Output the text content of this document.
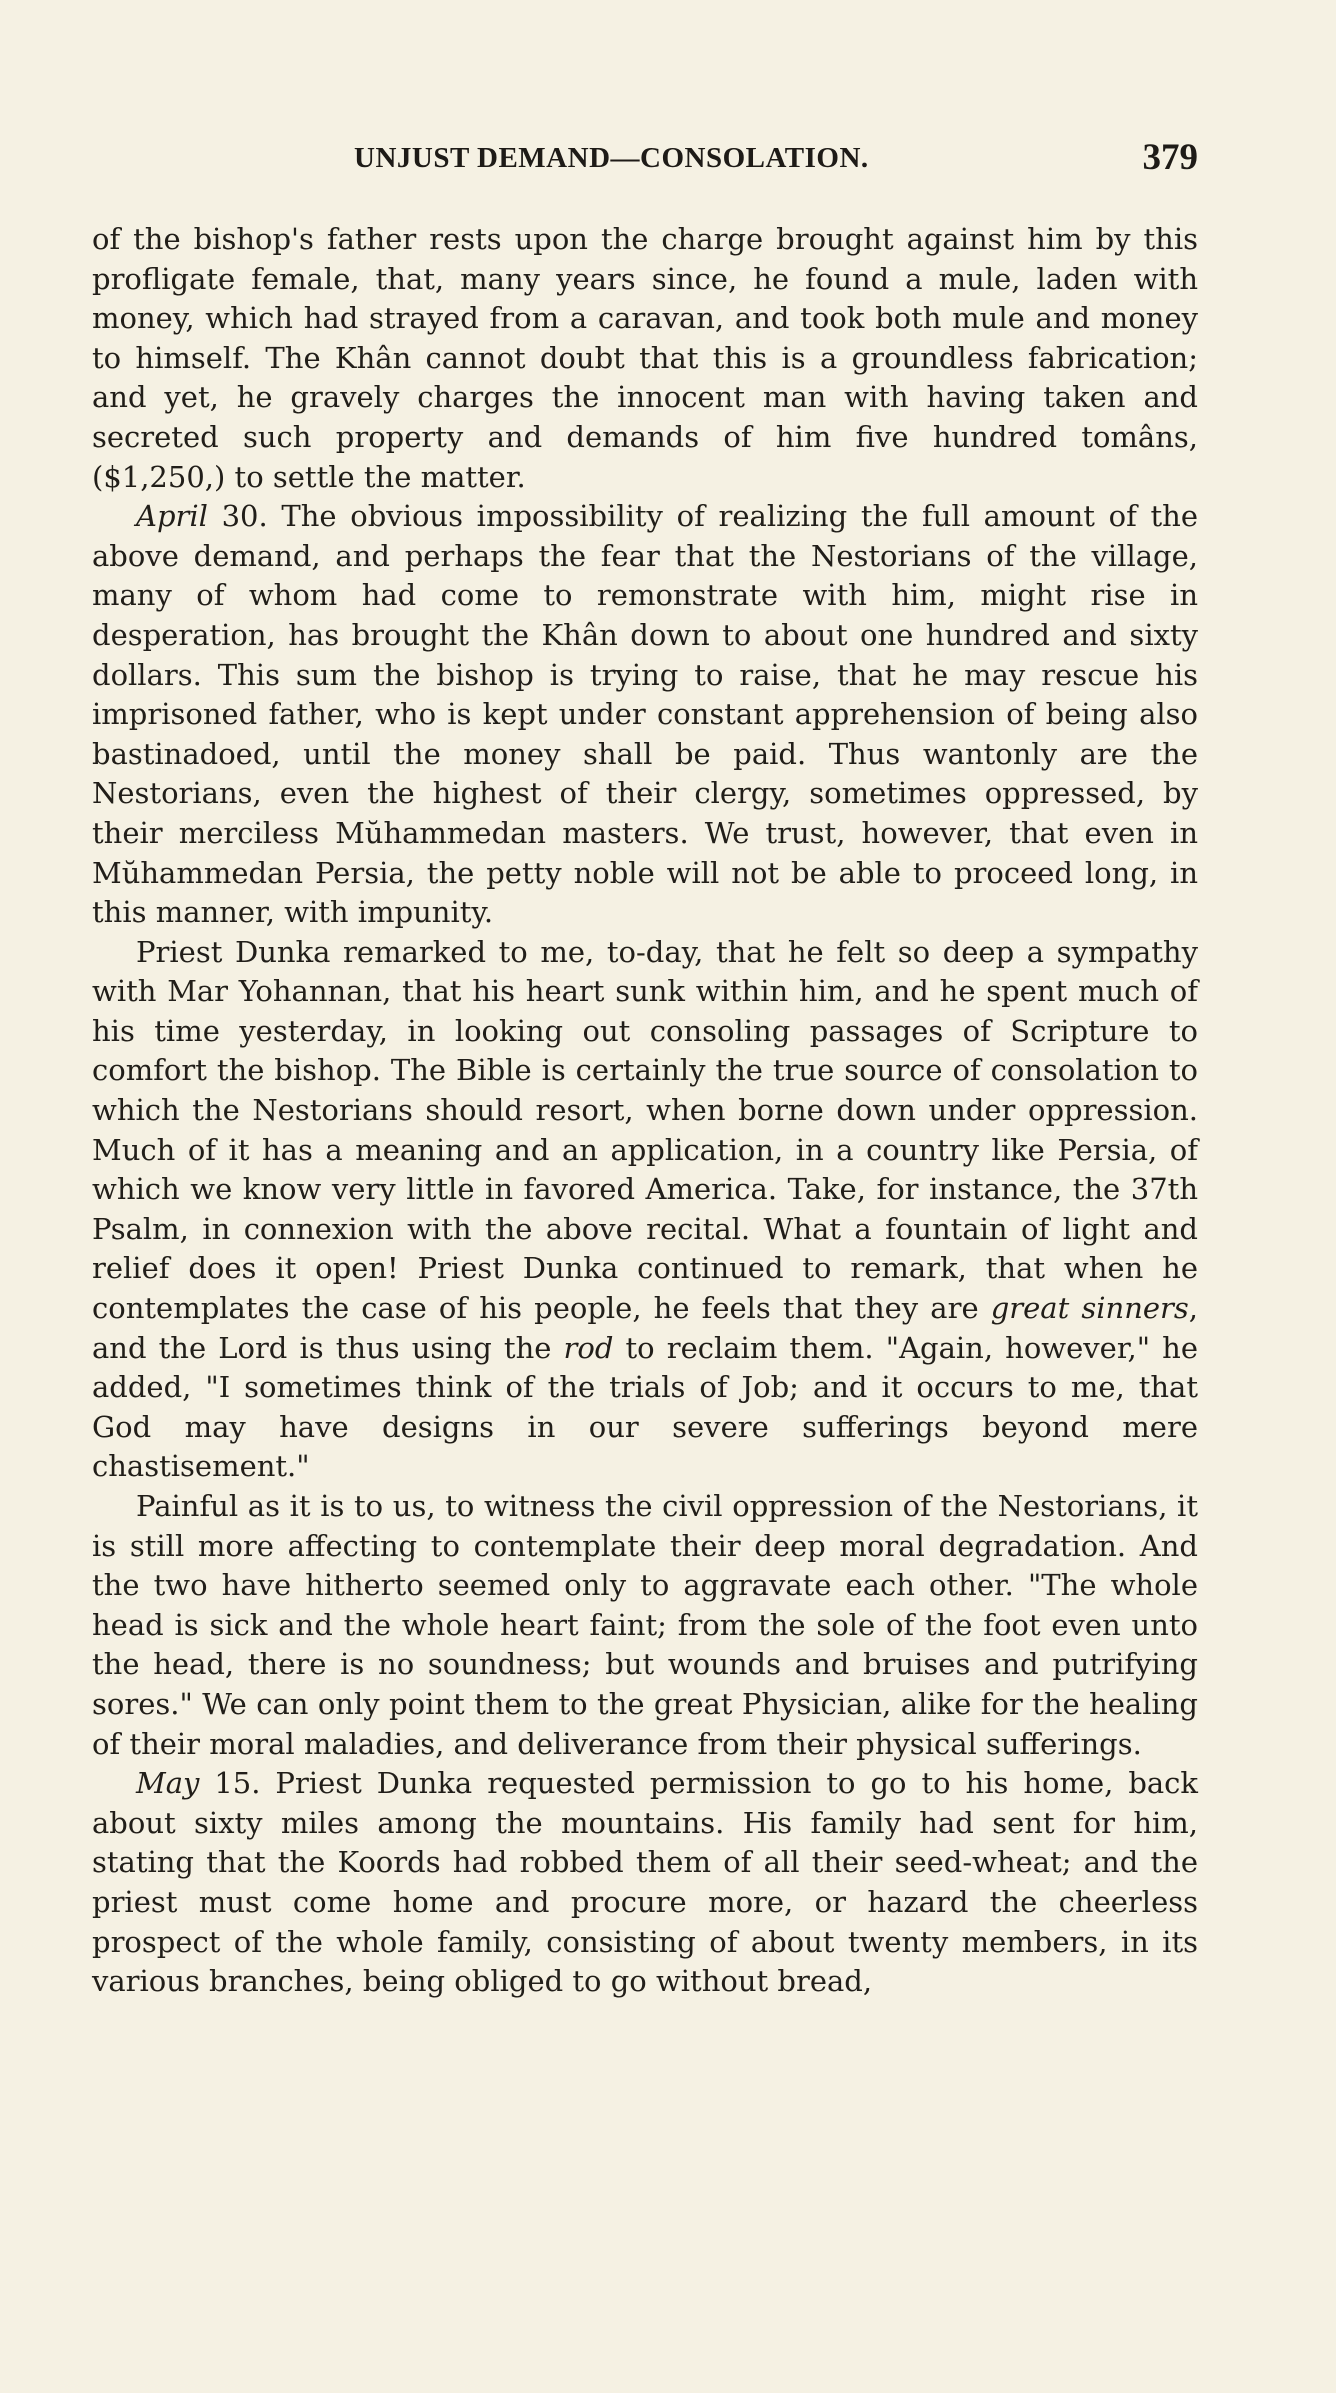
UNJUST DEMAND—CONSOLATION.	379

of the bishop's father rests upon the charge brought against him by this profligate female, that, many years since, he found a mule, laden with money, which had strayed from a caravan, and took both mule and money to himself. The Khân cannot doubt that this is a groundless fabrication; and yet, he gravely charges the innocent man with having taken and secreted such property and demands of him five hundred tomâns, ($1,250,) to settle the matter.

April 30. The obvious impossibility of realizing the full amount of the above demand, and perhaps the fear that the Nestorians of the village, many of whom had come to remonstrate with him, might rise in desperation, has brought the Khân down to about one hundred and sixty dollars. This sum the bishop is trying to raise, that he may rescue his imprisoned father, who is kept under constant apprehension of being also bastinadoed, until the money shall be paid. Thus wantonly are the Nestorians, even the highest of their clergy, sometimes oppressed, by their merciless Mŭhammedan masters. We trust, however, that even in Mŭhammedan Persia, the petty noble will not be able to proceed long, in this manner, with impunity.

Priest Dunka remarked to me, to-day, that he felt so deep a sympathy with Mar Yohannan, that his heart sunk within him, and he spent much of his time yesterday, in looking out consoling passages of Scripture to comfort the bishop. The Bible is certainly the true source of consolation to which the Nestorians should resort, when borne down under oppression. Much of it has a meaning and an application, in a country like Persia, of which we know very little in favored America. Take, for instance, the 37th Psalm, in connexion with the above recital. What a fountain of light and relief does it open! Priest Dunka continued to remark, that when he contemplates the case of his people, he feels that they are great sinners, and the Lord is thus using the rod to reclaim them. "Again, however," he added, "I sometimes think of the trials of Job; and it occurs to me, that God may have designs in our severe sufferings beyond mere chastisement."

Painful as it is to us, to witness the civil oppression of the Nestorians, it is still more affecting to contemplate their deep moral degradation. And the two have hitherto seemed only to aggravate each other. "The whole head is sick and the whole heart faint; from the sole of the foot even unto the head, there is no soundness; but wounds and bruises and putrifying sores." We can only point them to the great Physician, alike for the healing of their moral maladies, and deliverance from their physical sufferings.

May 15. Priest Dunka requested permission to go to his home, back about sixty miles among the mountains. His family had sent for him, stating that the Koords had robbed them of all their seed-wheat; and the priest must come home and procure more, or hazard the cheerless prospect of the whole family, consisting of about twenty members, in its various branches, being obliged to go without bread,
